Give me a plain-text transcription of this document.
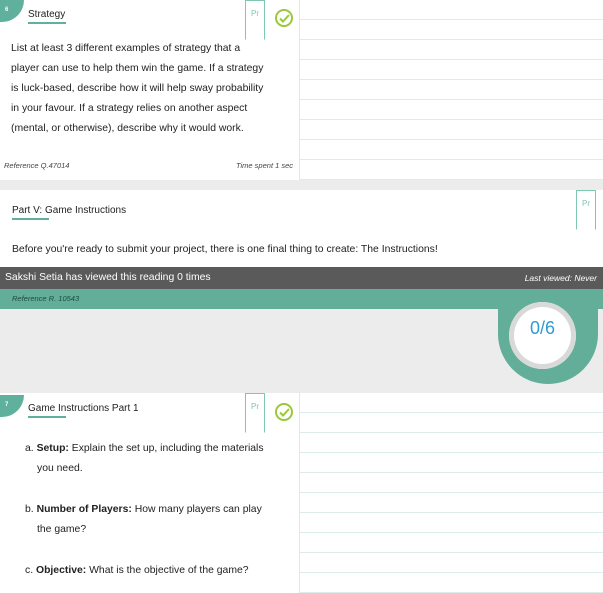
6	Strategy	Pr
List at least 3 different examples of strategy that a
player can use to help them win the game. If a strategy
is luck-based, describe how it will help sway probability
in your favour. If a strategy relies on another aspect
(mental, or otherwise), describe why it would work.
Reference Q.47014	Time spent 1 sec
Part V: Game Instructions
Pr
Before you're ready to submit your project, there is one final thing to create: The Instructions!
Sakshi Setia has viewed this reading 0 times	Last viewed: Never
Reference R. 10543
0/6
7	Game Instructions Part 1	Pr
a. Setup: Explain the set up, including the materials
you need.
b. Number of Players: How many players can play
the game?
c. Objective: What is the objective of the game?
